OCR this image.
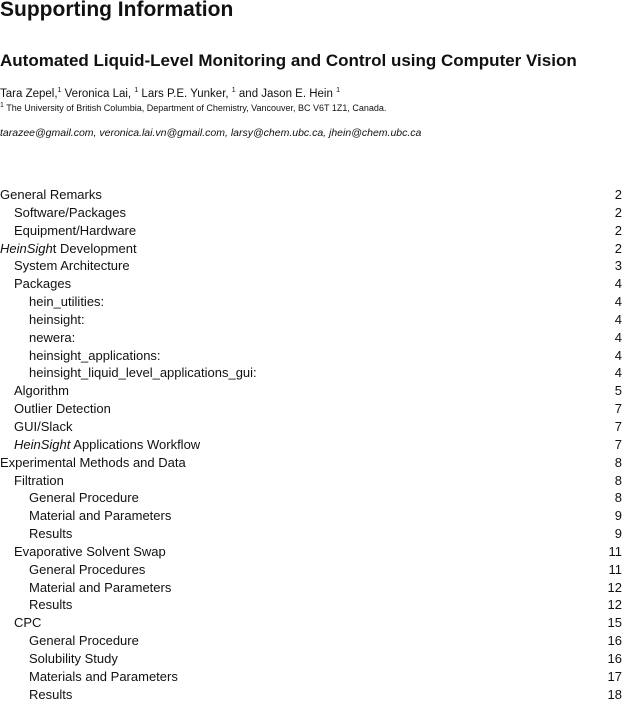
Supporting Information
Automated Liquid-Level Monitoring and Control using Computer Vision
Tara Zepel,$^1$ Veronica Lai, $^1$ Lars P.E. Yunker, $^1$ and Jason E. Hein $^1$
$^1$ The University of British Columbia, Department of Chemistry, Vancouver, BC V6T 1Z1, Canada.
tarazee@gmail.com, veronica.lai.vn@gmail.com, larsy@chem.ubc.ca, jhein@chem.ubc.ca
General Remarks	2
Software/Packages	2
Equipment/Hardware	2
HeinSight Development	2
System Architecture	3
Packages	4
hein_utilities:	4
heinsight:	4
newera:	4
heinsight_applications:	4
heinsight_liquid_level_applications_gui:	4
Algorithm	5
Outlier Detection	7
GUI/Slack	7
HeinSight Applications Workflow	7
Experimental Methods and Data	8
Filtration	8
General Procedure	8
Material and Parameters	9
Results	9
Evaporative Solvent Swap	11
General Procedures	11
Material and Parameters	12
Results	12
CPC	15
General Procedure	16
Solubility Study	16
Materials and Parameters	17
Results	18
